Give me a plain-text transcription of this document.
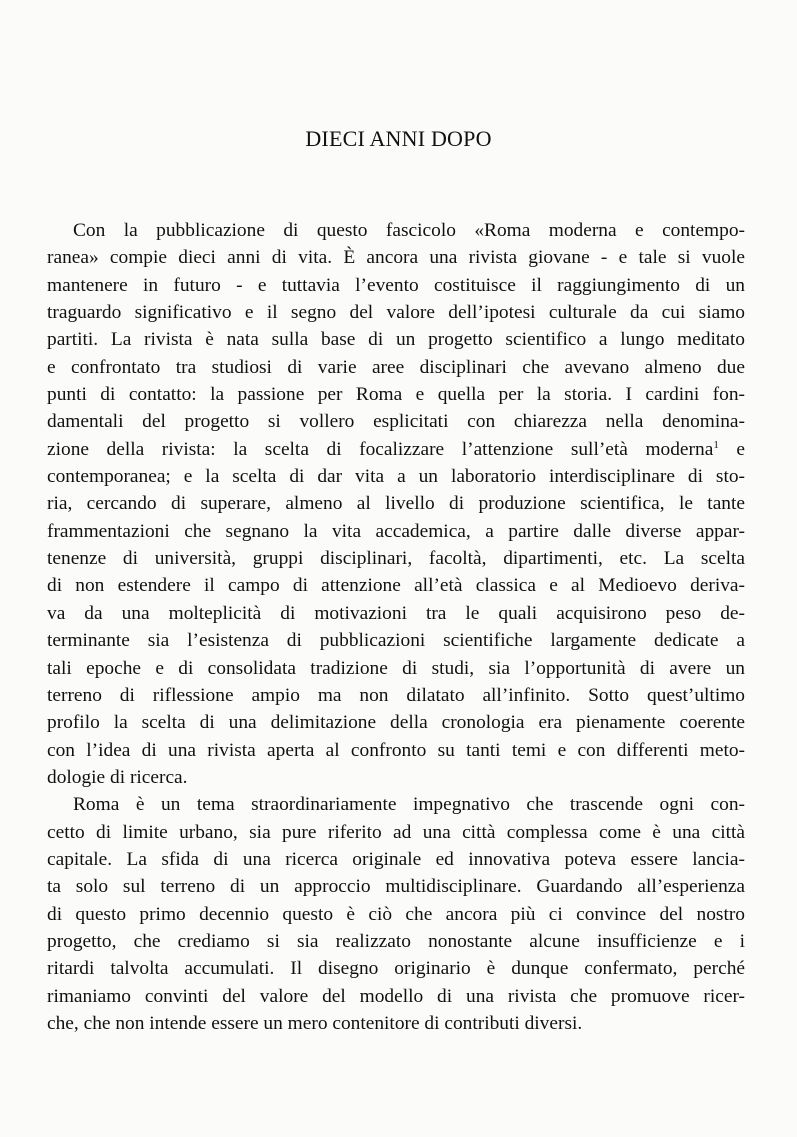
DIECI ANNI DOPO
Con la pubblicazione di questo fascicolo «Roma moderna e contempo-
ranea» compie dieci anni di vita. È ancora una rivista giovane - e tale si vuole
mantenere in futuro - e tuttavia l’evento costituisce il raggiungimento di un
traguardo significativo e il segno del valore dell’ipotesi culturale da cui siamo
partiti. La rivista è nata sulla base di un progetto scientifico a lungo meditato
e confrontato tra studiosi di varie aree disciplinari che avevano almeno due
punti di contatto: la passione per Roma e quella per la storia. I cardini fon-
damentali del progetto si vollero esplicitati con chiarezza nella denomina-
zione della rivista: la scelta di focalizzare l’attenzione sull’età moderna$^1$ e
contemporanea; e la scelta di dar vita a un laboratorio interdisciplinare di sto-
ria, cercando di superare, almeno al livello di produzione scientifica, le tante
frammentazioni che segnano la vita accademica, a partire dalle diverse appar-
tenenze di università, gruppi disciplinari, facoltà, dipartimenti, etc. La scelta
di non estendere il campo di attenzione all’età classica e al Medioevo deriva-
va da una molteplicità di motivazioni tra le quali acquisirono peso de-
terminante sia l’esistenza di pubblicazioni scientifiche largamente dedicate a
tali epoche e di consolidata tradizione di studi, sia l’opportunità di avere un
terreno di riflessione ampio ma non dilatato all’infinito. Sotto quest’ultimo
profilo la scelta di una delimitazione della cronologia era pienamente coerente
con l’idea di una rivista aperta al confronto su tanti temi e con differenti meto-
dologie di ricerca.
Roma è un tema straordinariamente impegnativo che trascende ogni con-
cetto di limite urbano, sia pure riferito ad una città complessa come è una città
capitale. La sfida di una ricerca originale ed innovativa poteva essere lancia-
ta solo sul terreno di un approccio multidisciplinare. Guardando all’esperienza
di questo primo decennio questo è ciò che ancora più ci convince del nostro
progetto, che crediamo si sia realizzato nonostante alcune insufficienze e i
ritardi talvolta accumulati. Il disegno originario è dunque confermato, perché
rimaniamo convinti del valore del modello di una rivista che promuove ricer-
che, che non intende essere un mero contenitore di contributi diversi.
